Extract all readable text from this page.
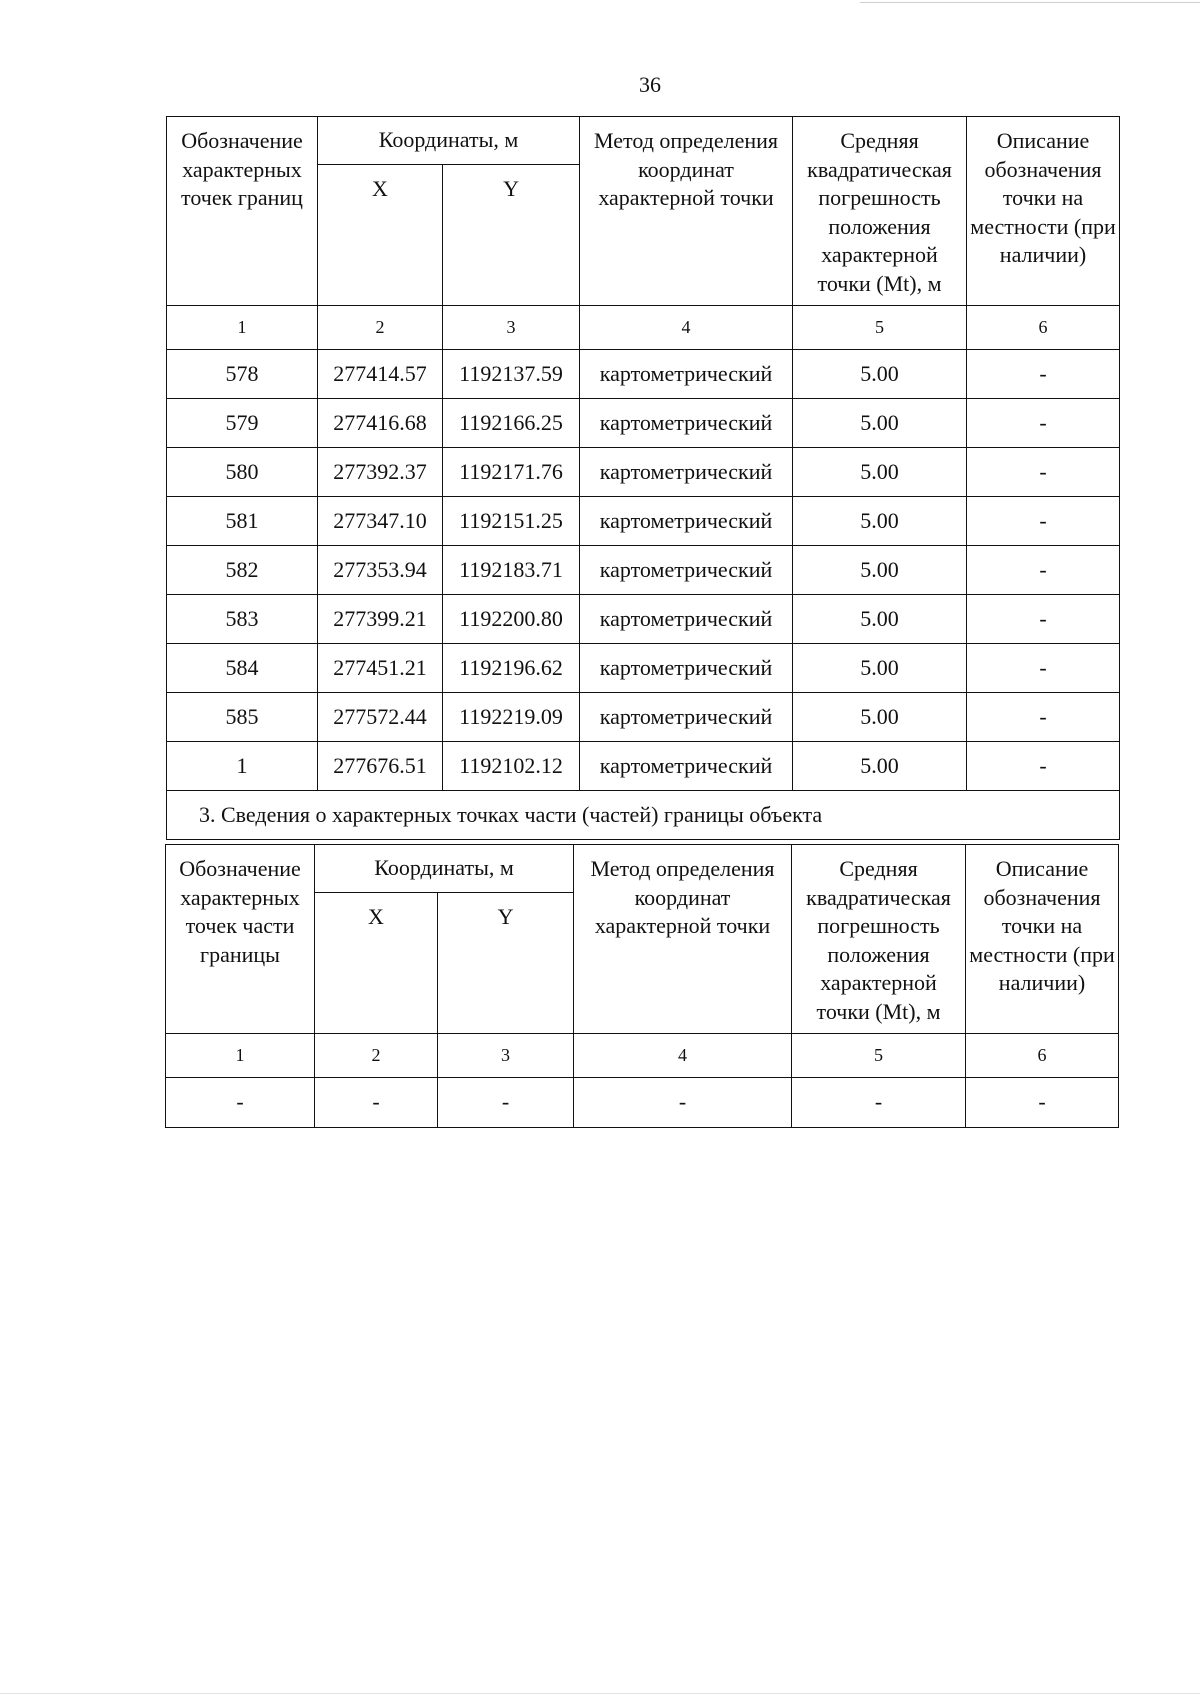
36
Обозначение характерных точек границ	Координаты, м		Метод определения координат характерной точки	Средняя квадратическая погрешность положения характерной точки (Mt), м	Описание обозначения точки на местности (при наличии)
	X	Y			
1	2	3	4	5	6
578	277414.57	1192137.59	картометрический	5.00	-
579	277416.68	1192166.25	картометрический	5.00	-
580	277392.37	1192171.76	картометрический	5.00	-
581	277347.10	1192151.25	картометрический	5.00	-
582	277353.94	1192183.71	картометрический	5.00	-
583	277399.21	1192200.80	картометрический	5.00	-
584	277451.21	1192196.62	картометрический	5.00	-
585	277572.44	1192219.09	картометрический	5.00	-
1	277676.51	1192102.12	картометрический	5.00	-
3. Сведения о характерных точках части (частей) границы объекта					
Обозначение характерных точек части границы	Координаты, м		Метод определения координат характерной точки	Средняя квадратическая погрешность положения характерной точки (Mt), м	Описание обозначения точки на местности (при наличии)
	X	Y			
1	2	3	4	5	6
-	-	-	-	-	-
